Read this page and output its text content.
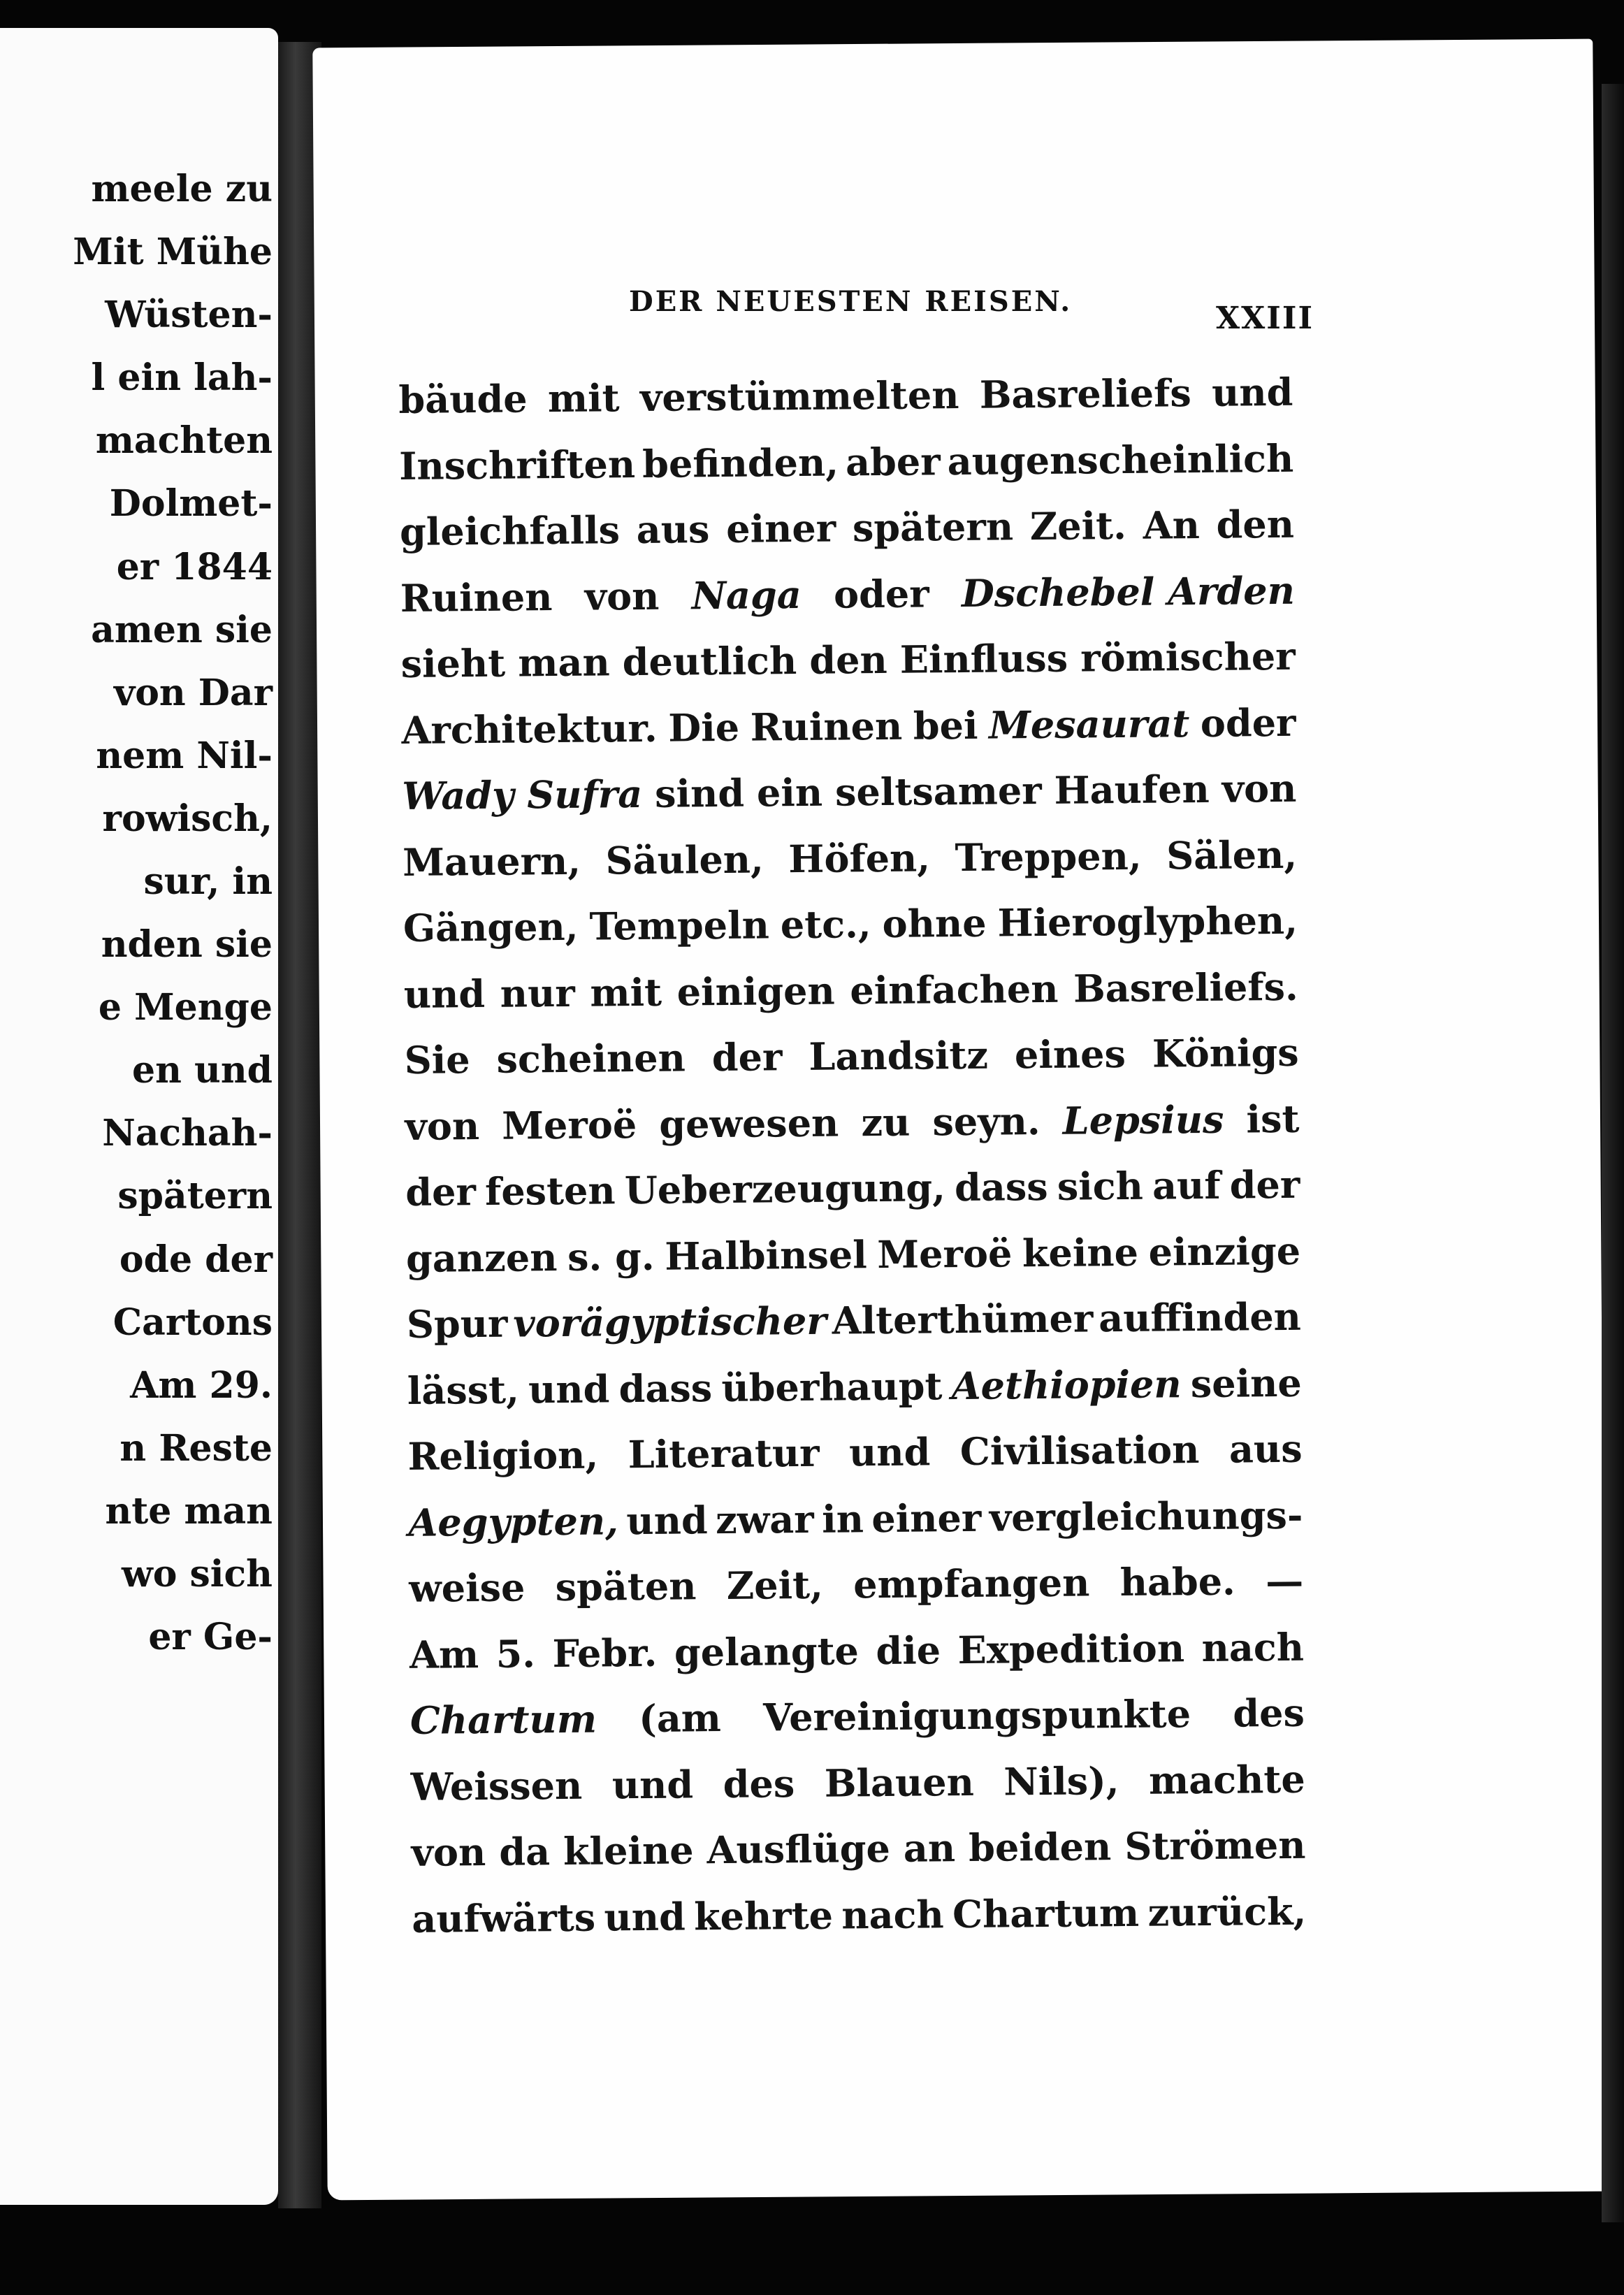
meele zu
Mit Mühe
Wüsten-
l ein lah-
machten
Dolmet-
er 1844
amen sie
von Dar
nem Nil-
rowisch,
sur, in
nden sie
e Menge
en und
Nachah-
spätern
ode der
Cartons
Am 29.
n Reste
nte man
wo sich
er Ge-
DER NEUESTEN REISEN.	XXIII
bäude mit verstümmelten Basreliefs und
Inschriften befinden, aber augenscheinlich
gleichfalls aus einer spätern Zeit. An den
Ruinen von Naga oder Dschebel Arden
sieht man deutlich den Einfluss römischer
Architektur. Die Ruinen bei Mesaurat oder
Wady Sufra sind ein seltsamer Haufen von
Mauern, Säulen, Höfen, Treppen, Sälen,
Gängen, Tempeln etc., ohne Hieroglyphen,
und nur mit einigen einfachen Basreliefs.
Sie scheinen der Landsitz eines Königs
von Meroë gewesen zu seyn. Lepsius ist
der festen Ueberzeugung, dass sich auf der
ganzen s. g. Halbinsel Meroë keine einzige
Spur vorägyptischer Alterthümer auffinden
lässt, und dass überhaupt Aethiopien seine
Religion, Literatur und Civilisation aus
Aegypten, und zwar in einer vergleichungs-
weise späten Zeit, empfangen habe. —
Am 5. Febr. gelangte die Expedition nach
Chartum (am Vereinigungspunkte des
Weissen und des Blauen Nils), machte
von da kleine Ausflüge an beiden Strömen
aufwärts und kehrte nach Chartum zurück,
